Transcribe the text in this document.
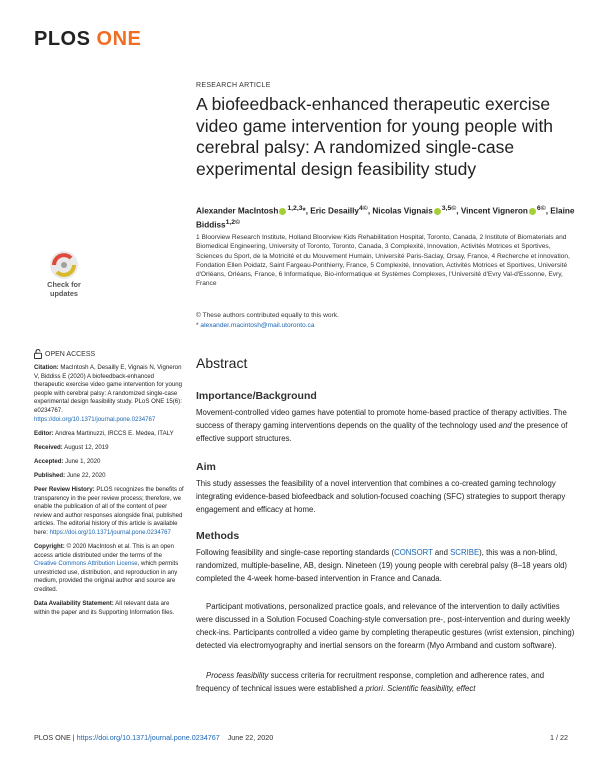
PLOS ONE
RESEARCH ARTICLE
A biofeedback-enhanced therapeutic exercise video game intervention for young people with cerebral palsy: A randomized single-case experimental design feasibility study
Alexander MacIntosh $^{1,2,3}$*, Eric Desailly$^{4©}$, Nicolas Vignais $^{3,5©}$, Vincent Vigneron $^{6©}$, Elaine Biddiss$^{1,2©}$
1 Bloorview Research Institute, Holland Bloorview Kids Rehabilitation Hospital, Toronto, Canada, 2 Institute of Biomaterials and Biomedical Engineering, University of Toronto, Toronto, Canada, 3 Complexité, Innovation, Activités Motrices et Sportives, Sciences du Sport, de la Motricité et du Mouvement Humain, Université Paris-Saclay, Orsay, France, 4 Recherche et innovation, Fondation Ellen Poidatz, Saint Fargeau-Ponthierry, France, 5 Complexité, Innovation, Activités Motrices et Sportives, Université d'Orléans, Orléans, France, 6 Informatique, Bio-informatique et Systèmes Complexes, l'Université d'Evry Val-d'Essonne, Evry, France
© These authors contributed equally to this work.
* alexander.macintosh@mail.utoronto.ca
Check for
updates
OPEN ACCESS

Citation: MacIntosh A, Desailly E, Vignais N, Vigneron V, Biddiss E (2020) A biofeedback-enhanced therapeutic exercise video game intervention for young people with cerebral palsy: A randomized single-case experimental design feasibility study. PLoS ONE 15(6): e0234767. https://doi.org/10.1371/journal.pone.0234767

Editor: Andrea Martinuzzi, IRCCS E. Medea, ITALY

Received: August 12, 2019

Accepted: June 1, 2020

Published: June 22, 2020

Peer Review History: PLOS recognizes the benefits of transparency in the peer review process; therefore, we enable the publication of all of the content of peer review and author responses alongside final, published articles. The editorial history of this article is available here: https://doi.org/10.1371/journal.pone.0234767

Copyright: © 2020 MacIntosh et al. This is an open access article distributed under the terms of the Creative Commons Attribution License, which permits unrestricted use, distribution, and reproduction in any medium, provided the original author and source are credited.

Data Availability Statement: All relevant data are within the paper and its Supporting Information files.

Abstract
Importance/Background

Movement-controlled video games have potential to promote home-based practice of therapy activities. The success of therapy gaming interventions depends on the quality of the technology used and the presence of effective support structures.

Aim

This study assesses the feasibility of a novel intervention that combines a co-created gaming technology integrating evidence-based biofeedback and solution-focused coaching (SFC) strategies to support therapy engagement and efficacy at home.

Methods

Following feasibility and single-case reporting standards (CONSORT and SCRIBE), this was a non-blind, randomized, multiple-baseline, AB, design. Nineteen (19) young people with cerebral palsy (8–18 years old) completed the 4-week home-based intervention in France and Canada.

Participant motivations, personalized practice goals, and relevance of the intervention to daily activities were discussed in a Solution Focused Coaching-style conversation pre-, post-intervention and during weekly check-ins. Participants controlled a video game by completing therapeutic gestures (wrist extension, pinching) detected via electromyography and inertial sensors on the forearm (Myo Armband and custom software).

Process feasibility success criteria for recruitment response, completion and adherence rates, and frequency of technical issues were established a priori. Scientific feasibility, effect

PLOS ONE | https://doi.org/10.1371/journal.pone.0234767 June 22, 2020	1 / 22
